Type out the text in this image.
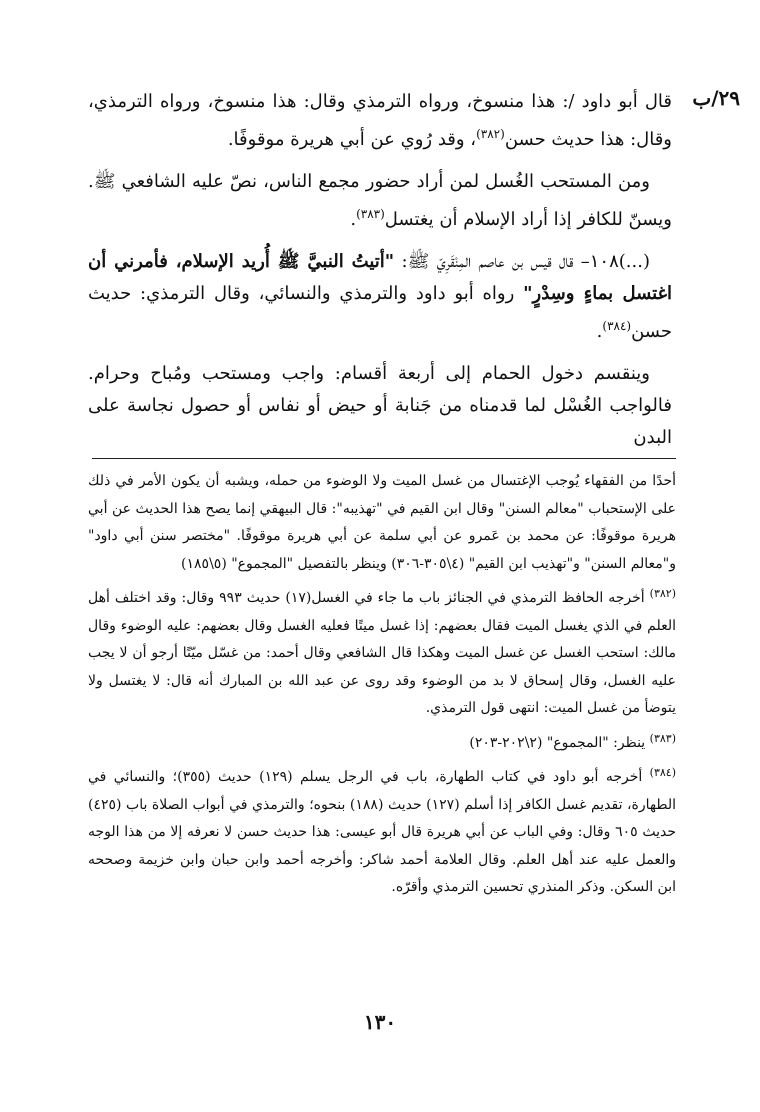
٢٩/ب

قال أبو داود /: هذا منسوخ، ورواه الترمذي وقال: هذا منسوخ، ورواه الترمذي، وقال: هذا حديث حسن$^{(٣٨٢)}$، وقد رُوي عن أبي هريرة موقوفًا.

ومن المستحب الغُسل لمن أراد حضور مجمع الناس، نصّ عليه الشافعي ﷺ. ويسنّ للكافر إذا أراد الإسلام أن يغتسل$^{(٣٨٣)}$.

(...)١٠٨– قال قيس بن عاصم المِنْقَرِيّ ﷺ: "أتيتُ النبيَّ ﷺ أُريد الإسلام، فأمرني أن اغتسل بماءٍ وسِدْرٍ" رواه أبو داود والترمذي والنسائي، وقال الترمذي: حديث حسن$^{(٣٨٤)}$.

وينقسم دخول الحمام إلى أربعة أقسام: واجب ومستحب ومُباح وحرام. فالواجب الغُسْل لما قدمناه من جَنابة أو حيض أو نفاس أو حصول نجاسة على البدن

أحدًا من الفقهاء يُوجب الإغتسال من غسل الميت ولا الوضوء من حمله، ويشبه أن يكون الأمر في ذلك على الإستحباب "معالم السنن" وقال ابن القيم في "تهذيبه": قال البيهقي إنما يصح هذا الحديث عن أبي هريرة موقوفًا: عن محمد بن عَمرو عن أبي سلمة عن أبي هريرة موقوفًا. "مختصر سنن أبي داود" و"معالم السنن" و"تهذيب ابن القيم" (٤\٣٠٥-٣٠٦) وينظر بالتفصيل "المجموع" (٥\١٨٥)

$^{(٣٨٢)}$ أخرجه الحافظ الترمذي في الجنائز باب ما جاء في الغسل(١٧) حديث ٩٩٣ وقال: وقد اختلف أهل العلم في الذي يغسل الميت فقال بعضهم: إذا غسل ميتًا فعليه الغسل وقال بعضهم: عليه الوضوء وقال مالك: استحب الغسل عن غسل الميت وهكذا قال الشافعي وقال أحمد: من غسّل ميّتًا أرجو أن لا يجب عليه الغسل، وقال إسحاق لا بد من الوضوء وقد روى عن عبد الله بن المبارك أنه قال: لا يغتسل ولا يتوضأ من غسل الميت: انتهى قول الترمذي.

$^{(٣٨٣)}$ ينظر: "المجموع" (٢\٢٠٢-٢٠٣)

$^{(٣٨٤)}$ أخرجه أبو داود في كتاب الطهارة، باب في الرجل يسلم (١٢٩) حديث (٣٥٥)؛ والنسائي في الطهارة، تقديم غسل الكافر إذا أسلم (١٢٧) حديث (١٨٨) بنحوه؛ والترمذي في أبواب الصلاة باب (٤٢٥) حديث ٦٠٥ وقال: وفي الباب عن أبي هريرة قال أبو عيسى: هذا حديث حسن لا نعرفه إلا من هذا الوجه والعمل عليه عند أهل العلم. وقال العلامة أحمد شاكر: وأخرجه أحمد وابن حبان وابن خزيمة وصححه ابن السكن. وذكر المنذري تحسين الترمذي وأقرّه.

١٣٠
